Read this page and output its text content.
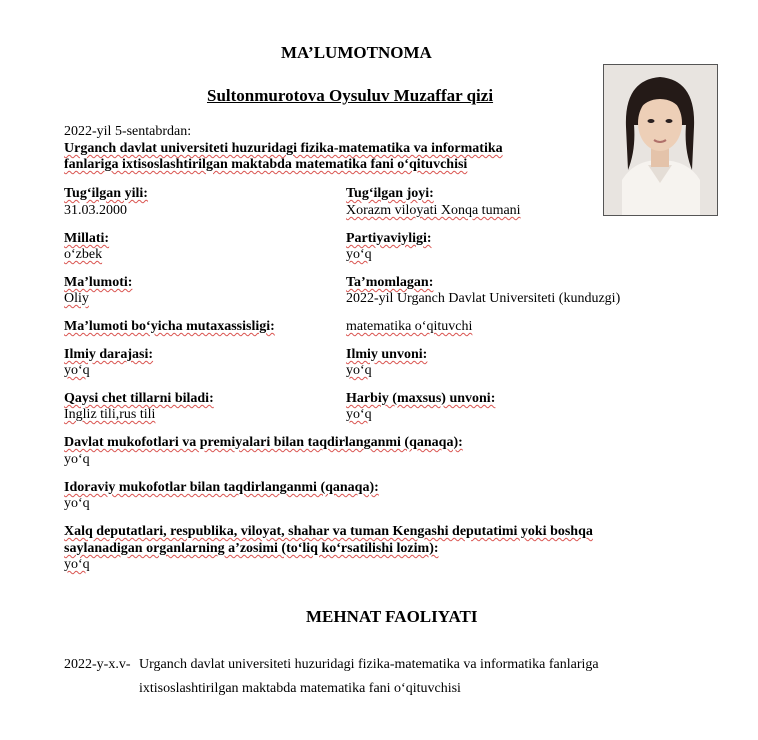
MA’LUMOTNOMA
Sultonmurotova Oysuluv Muzaffar qizi
2022-yil 5-sentabrdan:
Urganch davlat universiteti huzuridagi fizika-matematika va informatika
fanlariga ixtisoslashtirilgan maktabda matematika fani o‘qituvchisi
Tug‘ilgan yili:
31.03.2000
Tug‘ilgan joyi:
Xorazm viloyati Xonqa tumani
Millati:
o‘zbek
Partiyaviyligi:
yo‘q
Ma’lumoti:
Oliy
Ta’momlagan:
2022-yil Urganch Davlat Universiteti (kunduzgi)
Ma’lumoti bo‘yicha mutaxassisligi:	matematika o‘qituvchi
Ilmiy darajasi:
yo‘q
Ilmiy unvoni:
yo‘q
Qaysi chet tillarni biladi:
Ingliz tili,rus tili
Harbiy (maxsus) unvoni:
yo‘q
Davlat mukofotlari va premiyalari bilan taqdirlanganmi (qanaqa):
yo‘q
Idoraviy mukofotlar bilan taqdirlanganmi (qanaqa):
yo‘q
Xalq deputatlari, respublika, viloyat, shahar va tuman Kengashi deputatimi yoki boshqa
saylanadigan organlarning a’zosimi (to‘liq ko‘rsatilishi lozim):
yo‘q
MEHNAT FAOLIYATI
2022-y-x.v- Urganch davlat universiteti huzuridagi fizika-matematika va informatika fanlariga
ixtisoslashtirilgan maktabda matematika fani o‘qituvchisi
